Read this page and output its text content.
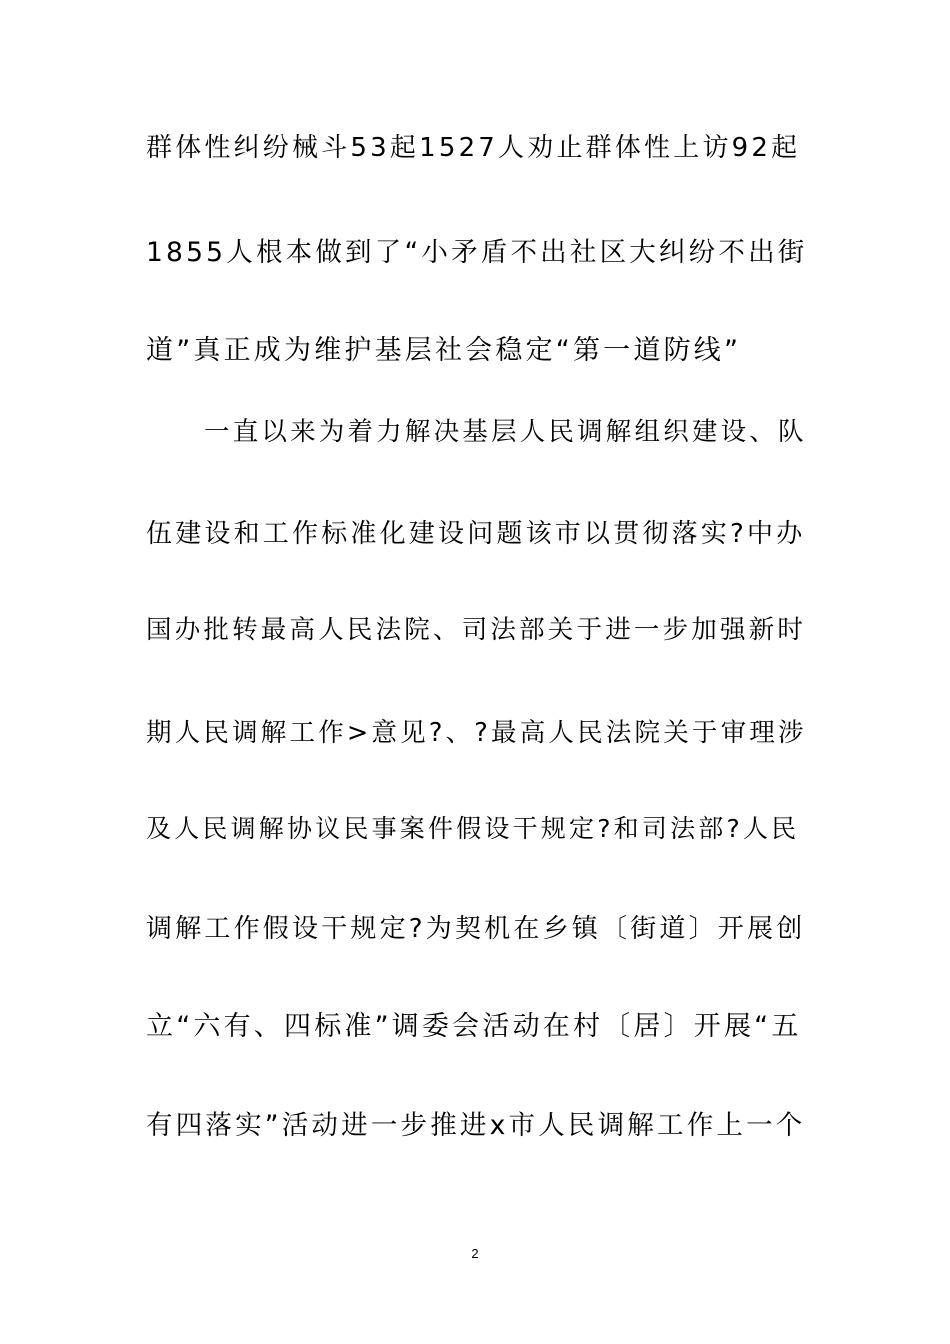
群体性纠纷械斗53起1527人劝止群体性上访92起
1855人根本做到了“小矛盾不出社区大纠纷不出街
道”真正成为维护基层社会稳定“第一道防线”
一直以来为着力解决基层人民调解组织建设、队
伍建设和工作标准化建设问题该市以贯彻落实?中办
国办批转最高人民法院、司法部关于进一步加强新时
期人民调解工作>意见?、?最高人民法院关于审理涉
及人民调解协议民事案件假设干规定?和司法部?人民
调解工作假设干规定?为契机在乡镇〔街道〕开展创
立“六有、四标准”调委会活动在村〔居〕开展“五
有四落实”活动进一步推进x市人民调解工作上一个
2
